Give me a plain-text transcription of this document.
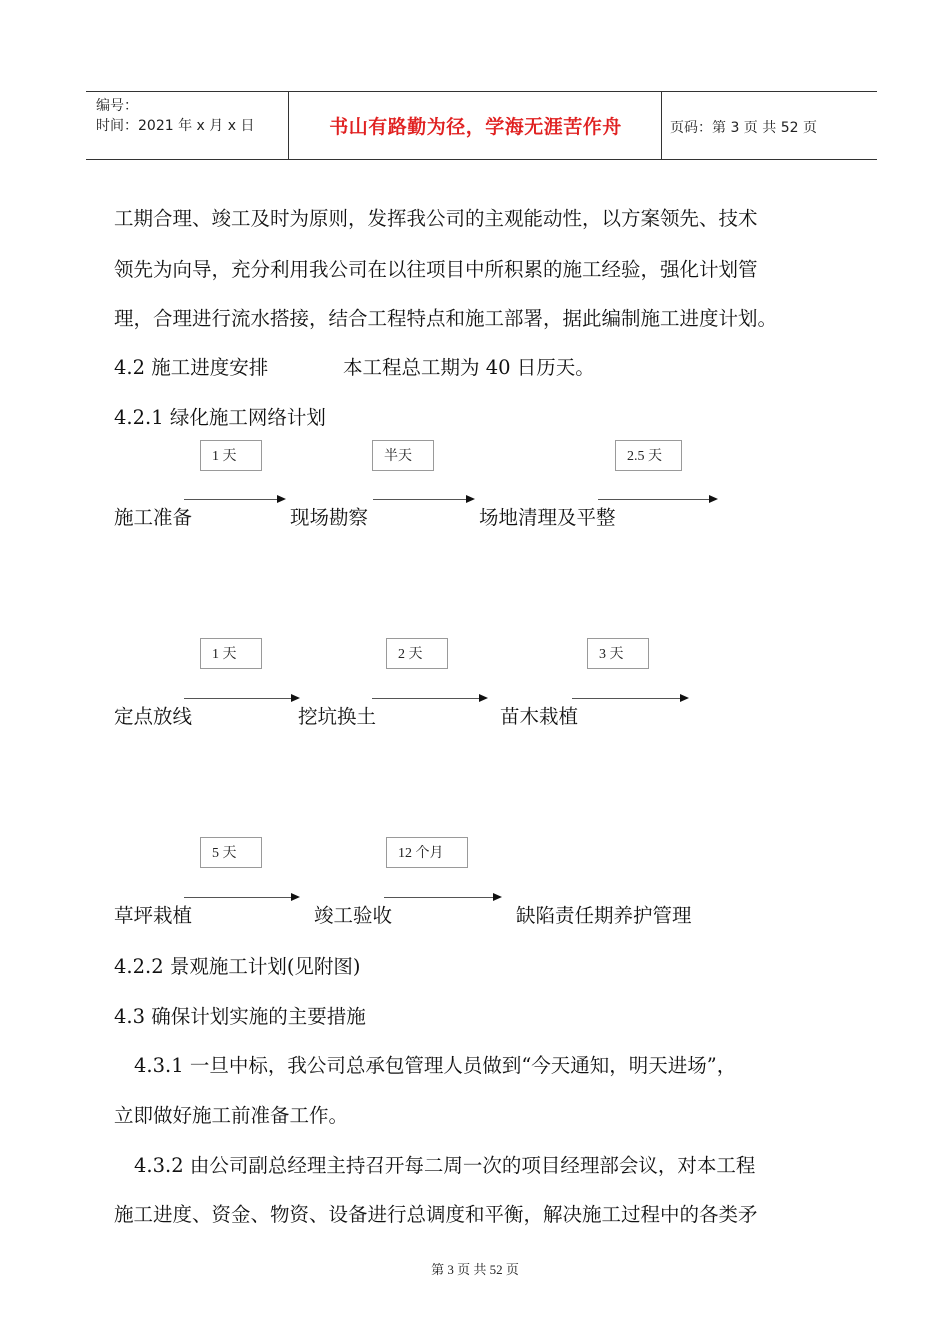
编号：
时间：2021 年 x 月 x 日	书山有路勤为径，学海无涯苦作舟	页码：第 3 页 共 52 页
工期合理、竣工及时为原则，发挥我公司的主观能动性，以方案领先、技术
领先为向导，充分利用我公司在以往项目中所积累的施工经验，强化计划管
理，合理进行流水搭接，结合工程特点和施工部署，据此编制施工进度计划。
4.2 施工进度安排	本工程总工期为 40 日历天。
4.2.1 绿化施工网络计划
1 天	半天	2.5 天
施工准备	现场勘察	场地清理及平整
1 天	2 天	3 天
定点放线	挖坑换土	苗木栽植
5 天	12 个月
草坪栽植	竣工验收	缺陷责任期养护管理
4.2.2 景观施工计划(见附图)
4.3 确保计划实施的主要措施
4.3.1 一旦中标，我公司总承包管理人员做到“今天通知，明天进场”，
立即做好施工前准备工作。
4.3.2 由公司副总经理主持召开每二周一次的项目经理部会议，对本工程
施工进度、资金、物资、设备进行总调度和平衡，解决施工过程中的各类矛
第 3 页 共 52 页
